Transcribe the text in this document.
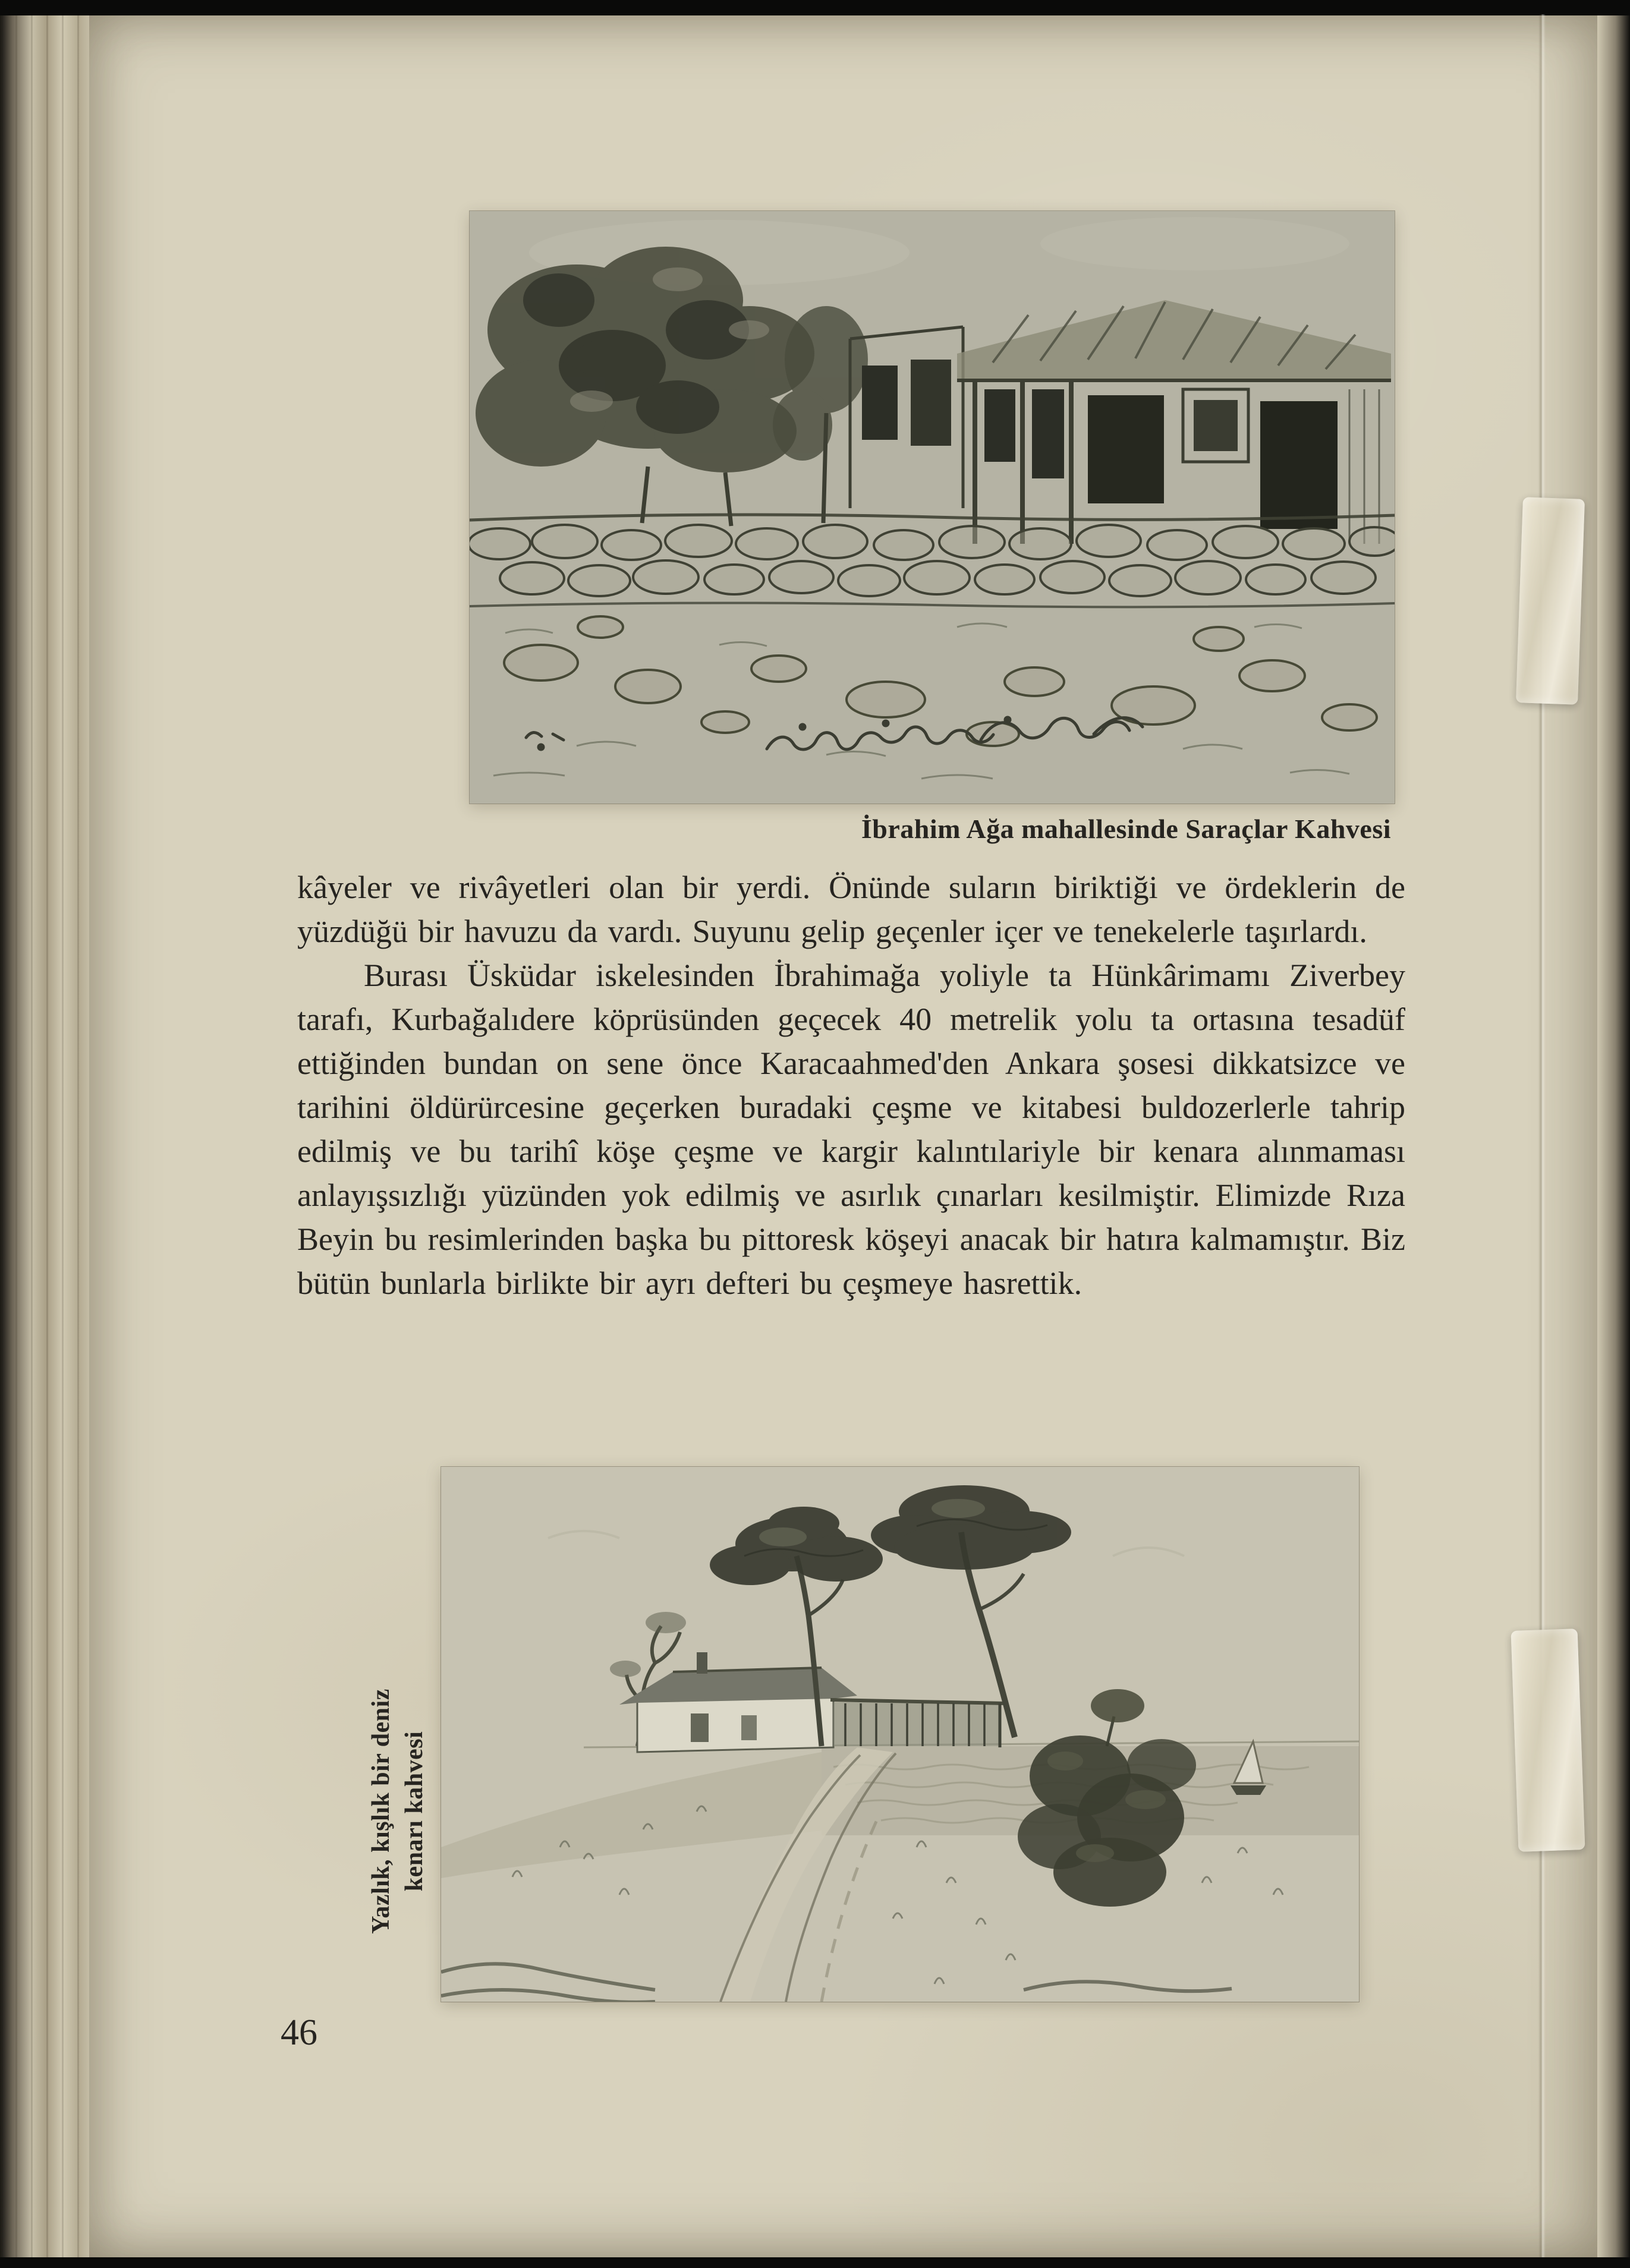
İbrahim Ağa mahallesinde Saraçlar Kahvesi

kâyeler ve rivâyetleri olan bir yerdi. Önünde suların biriktiği ve ördeklerin de yüzdüğü bir havuzu da vardı. Suyunu gelip geçenler içer ve tenekelerle taşırlardı.

Burası Üsküdar iskelesinden İbrahimağa yoliyle ta Hünkârimamı Ziverbey tarafı, Kurbağalıdere köprüsünden geçecek 40 metrelik yolu ta ortasına tesadüf ettiğinden bundan on sene önce Karacaahmed'den Ankara şosesi dikkatsizce ve tarihini öldürürcesine geçerken buradaki çeşme ve kitabesi buldozerlerle tahrip edilmiş ve bu tarihî köşe çeşme ve kargir kalıntılariyle bir kenara alınmaması anlayışsızlığı yüzünden yok edilmiş ve asırlık çınarları kesilmiştir. Elimizde Rıza Beyin bu resimlerinden başka bu pittoresk köşeyi anacak bir hatıra kalmamıştır. Biz bütün bunlarla birlikte bir ayrı defteri bu çeşmeye hasrettik.

Yazlık, kışlık bir deniz kenarı kahvesi
46
